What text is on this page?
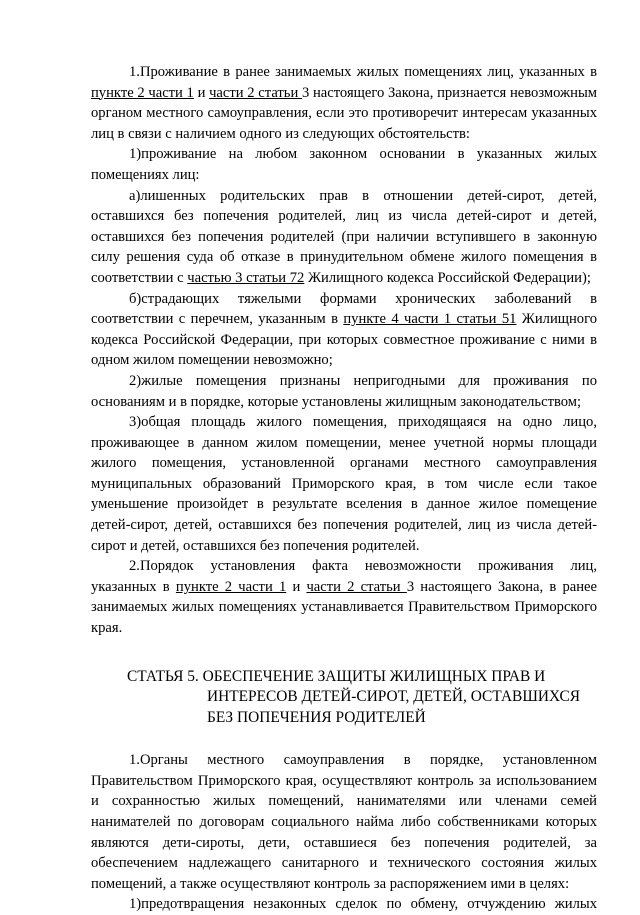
1.Проживание в ранее занимаемых жилых помещениях лиц, указанных в пункте 2 части 1 и части 2 статьи 3 настоящего Закона, признается невозможным органом местного самоуправления, если это противоречит интересам указанных лиц в связи с наличием одного из следующих обстоятельств:

1)проживание на любом законном основании в указанных жилых помещениях лиц:

а)лишенных родительских прав в отношении детей-сирот, детей, оставшихся без попечения родителей, лиц из числа детей-сирот и детей, оставшихся без попечения родителей (при наличии вступившего в законную силу решения суда об отказе в принудительном обмене жилого помещения в соответствии с частью 3 статьи 72 Жилищного кодекса Российской Федерации);

б)страдающих тяжелыми формами хронических заболеваний в соответствии с перечнем, указанным в пункте 4 части 1 статьи 51 Жилищного кодекса Российской Федерации, при которых совместное проживание с ними в одном жилом помещении невозможно;

2)жилые помещения признаны непригодными для проживания по основаниям и в порядке, которые установлены жилищным законодательством;

3)общая площадь жилого помещения, приходящаяся на одно лицо, проживающее в данном жилом помещении, менее учетной нормы площади жилого помещения, установленной органами местного самоуправления муниципальных образований Приморского края, в том числе если такое уменьшение произойдет в результате вселения в данное жилое помещение детей-сирот, детей, оставшихся без попечения родителей, лиц из числа детей-сирот и детей, оставшихся без попечения родителей.

2.Порядок установления факта невозможности проживания лиц, указанных в пункте 2 части 1 и части 2 статьи 3 настоящего Закона, в ранее занимаемых жилых помещениях устанавливается Правительством Приморского края.

СТАТЬЯ 5. ОБЕСПЕЧЕНИЕ ЗАЩИТЫ ЖИЛИЩНЫХ ПРАВ И
ИНТЕРЕСОВ ДЕТЕЙ-СИРОТ, ДЕТЕЙ, ОСТАВШИХСЯ
БЕЗ ПОПЕЧЕНИЯ РОДИТЕЛЕЙ

1.Органы местного самоуправления в порядке, установленном Правительством Приморского края, осуществляют контроль за использованием и сохранностью жилых помещений, нанимателями или членами семей нанимателей по договорам социального найма либо собственниками которых являются дети-сироты, дети, оставшиеся без попечения родителей, за обеспечением надлежащего санитарного и технического состояния жилых помещений, а также осуществляют контроль за распоряжением ими в целях:

1)предотвращения незаконных сделок по обмену, отчуждению жилых
